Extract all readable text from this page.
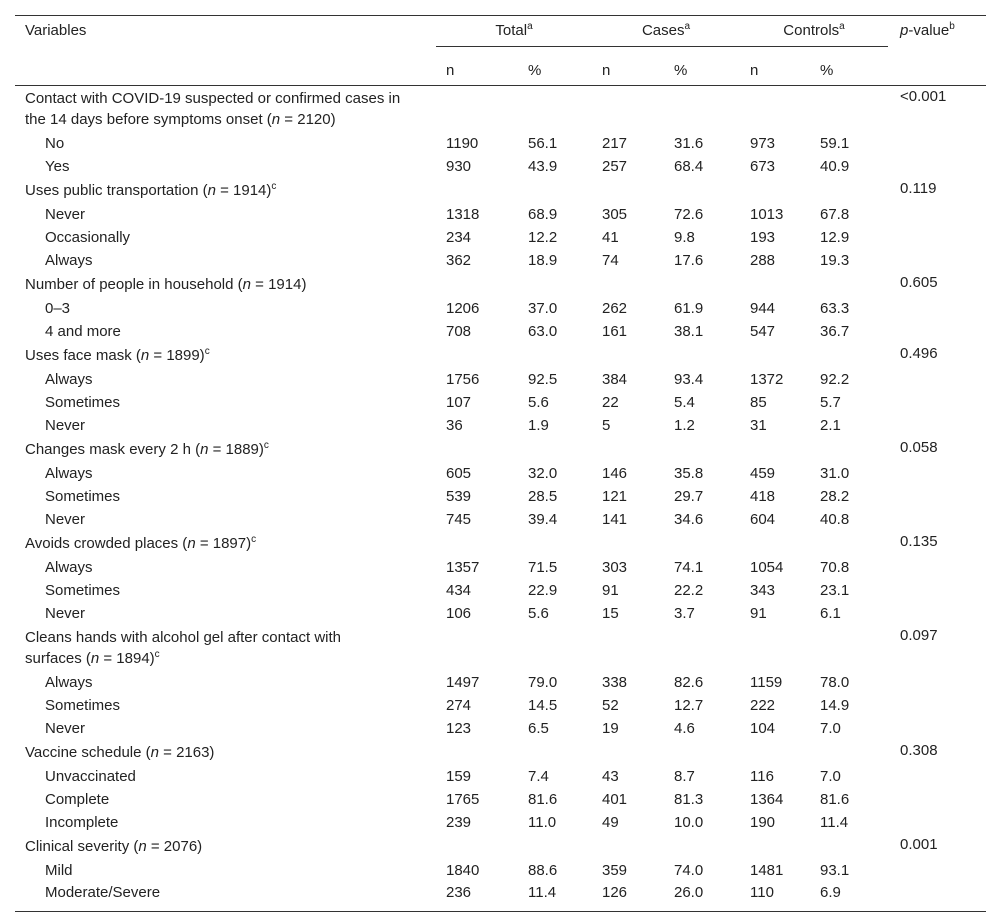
Variables	Total$^a$		Cases$^a$		Controls$^a$		p-value$^b$
	n	%	n	%	n	%	
Contact with COVID-19 suspected or confirmed cases in the 14 days before symptoms onset (n = 2120)							<0.001
No	1190	56.1	217	31.6	973	59.1	
Yes	930	43.9	257	68.4	673	40.9	
Uses public transportation (n = 1914)$^c$							0.119
Never	1318	68.9	305	72.6	1013	67.8	
Occasionally	234	12.2	41	9.8	193	12.9	
Always	362	18.9	74	17.6	288	19.3	
Number of people in household (n = 1914)							0.605
0–3	1206	37.0	262	61.9	944	63.3	
4 and more	708	63.0	161	38.1	547	36.7	
Uses face mask (n = 1899)$^c$							0.496
Always	1756	92.5	384	93.4	1372	92.2	
Sometimes	107	5.6	22	5.4	85	5.7	
Never	36	1.9	5	1.2	31	2.1	
Changes mask every 2 h (n = 1889)$^c$							0.058
Always	605	32.0	146	35.8	459	31.0	
Sometimes	539	28.5	121	29.7	418	28.2	
Never	745	39.4	141	34.6	604	40.8	
Avoids crowded places (n = 1897)$^c$							0.135
Always	1357	71.5	303	74.1	1054	70.8	
Sometimes	434	22.9	91	22.2	343	23.1	
Never	106	5.6	15	3.7	91	6.1	
Cleans hands with alcohol gel after contact with surfaces (n = 1894)$^c$							0.097
Always	1497	79.0	338	82.6	1159	78.0	
Sometimes	274	14.5	52	12.7	222	14.9	
Never	123	6.5	19	4.6	104	7.0	
Vaccine schedule (n = 2163)							0.308
Unvaccinated	159	7.4	43	8.7	116	7.0	
Complete	1765	81.6	401	81.3	1364	81.6	
Incomplete	239	11.0	49	10.0	190	11.4	
Clinical severity (n = 2076)							0.001
Mild	1840	88.6	359	74.0	1481	93.1	
Moderate/Severe	236	11.4	126	26.0	110	6.9	
